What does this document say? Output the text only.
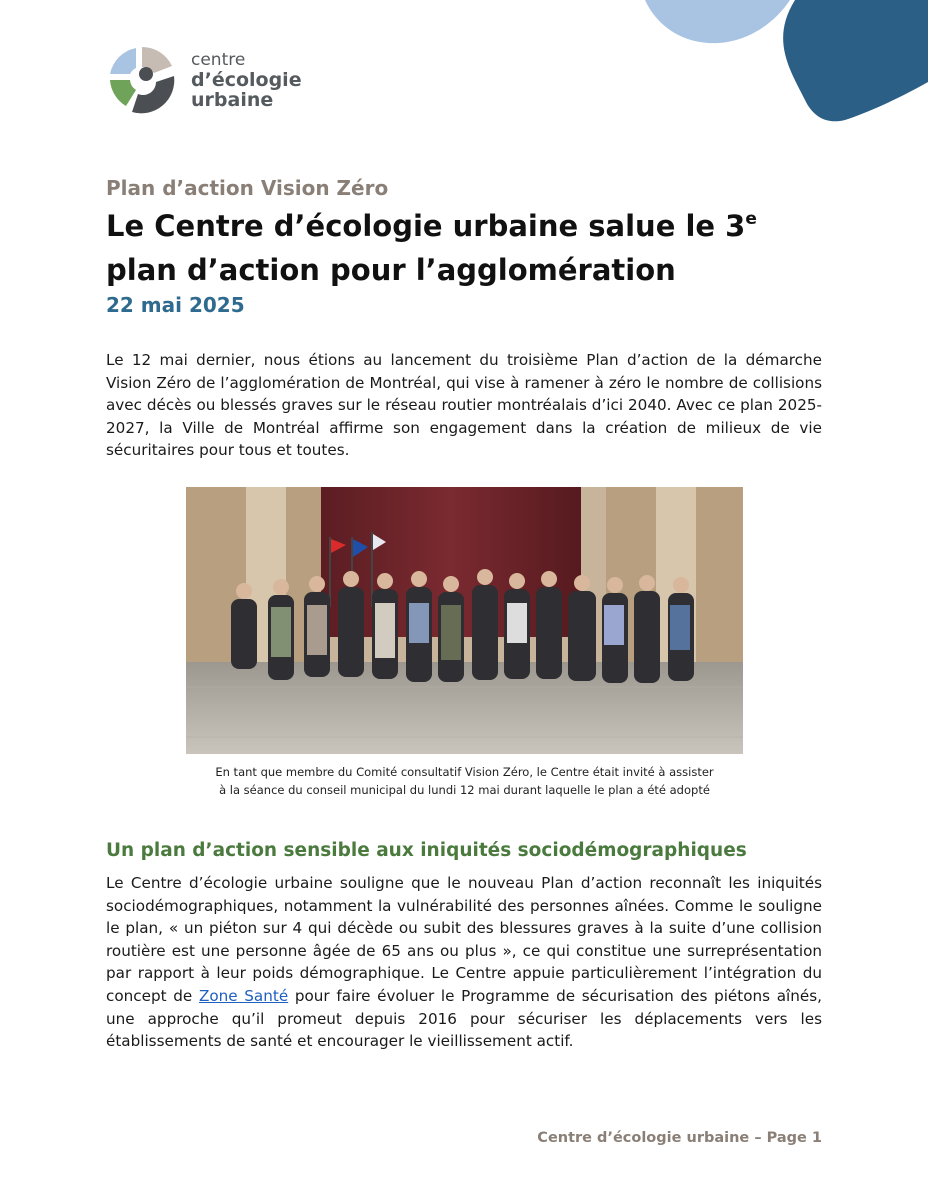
centre
d’écologie
urbaine
Plan d’action Vision Zéro
Le Centre d’écologie urbaine salue le 3e plan d’action pour l’agglomération
22 mai 2025

Le 12 mai dernier, nous étions au lancement du troisième Plan d’action de la démarche Vision Zéro de l’agglomération de Montréal, qui vise à ramener à zéro le nombre de collisions avec décès ou blessés graves sur le réseau routier montréalais d’ici 2040. Avec ce plan 2025-2027, la Ville de Montréal affirme son engagement dans la création de milieux de vie sécuritaires pour tous et toutes.

En tant que membre du Comité consultatif Vision Zéro, le Centre était invité à assister
à la séance du conseil municipal du lundi 12 mai durant laquelle le plan a été adopté
Un plan d’action sensible aux iniquités sociodémographiques

Le Centre d’écologie urbaine souligne que le nouveau Plan d’action reconnaît les iniquités sociodémographiques, notamment la vulnérabilité des personnes aînées. Comme le souligne le plan, « un piéton sur 4 qui décède ou subit des blessures graves à la suite d’une collision routière est une personne âgée de 65 ans ou plus », ce qui constitue une surreprésentation par rapport à leur poids démographique. Le Centre appuie particulièrement l’intégration du concept de Zone Santé pour faire évoluer le Programme de sécurisation des piétons aînés, une approche qu’il promeut depuis 2016 pour sécuriser les déplacements vers les établissements de santé et encourager le vieillissement actif.

Centre d’écologie urbaine – Page 1
